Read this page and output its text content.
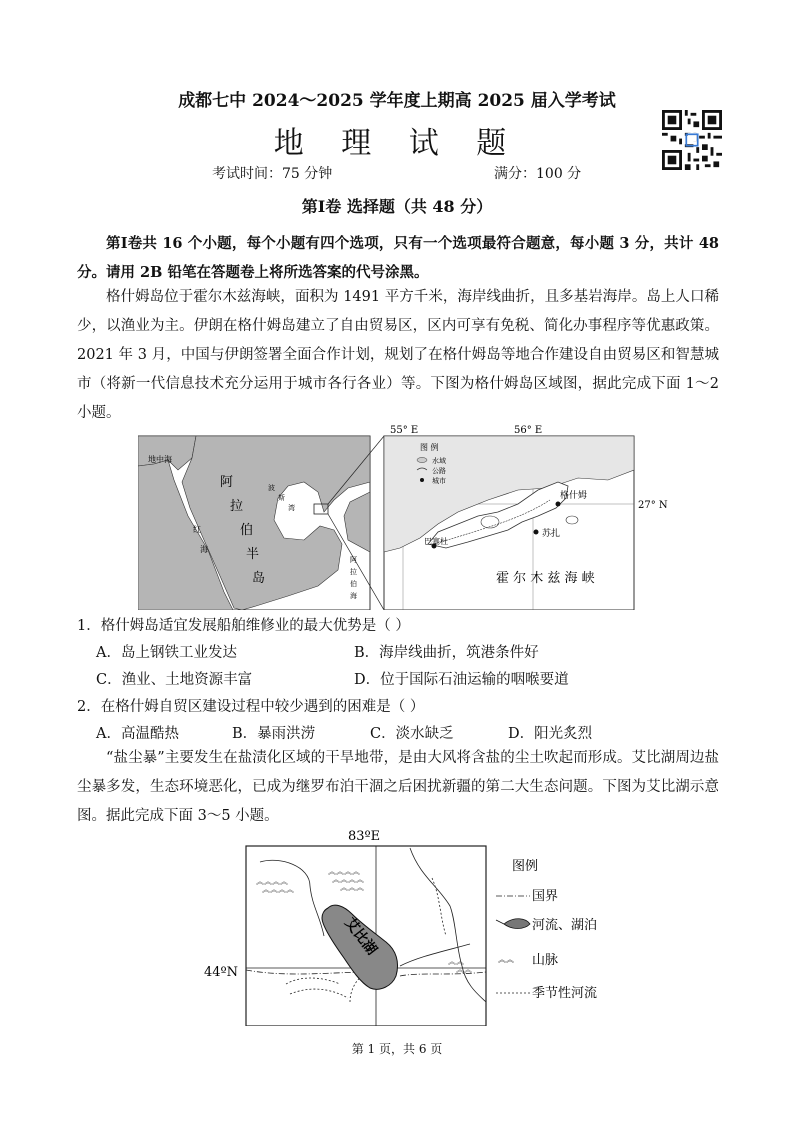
成都七中 2024～2025 学年度上期高 2025 届入学考试
地 理 试 题
考试时间：75 分钟	满分：100 分
第Ⅰ卷 选择题（共 48 分）
第Ⅰ卷共 16 个小题，每个小题有四个选项，只有一个选项最符合题意，每小题 3 分，共计 48 分。请用 2B 铅笔在答题卷上将所选答案的代号涂黑。
格什姆岛位于霍尔木兹海峡，面积为 1491 平方千米，海岸线曲折，且多基岩海岸。岛上人口稀少，以渔业为主。伊朗在格什姆岛建立了自由贸易区，区内可享有免税、简化办事程序等优惠政策。2021 年 3 月，中国与伊朗签署全面合作计划，规划了在格什姆岛等地合作建设自由贸易区和智慧城市（将新一代信息技术充分运用于城市各行各业）等。下图为格什姆岛区域图，据此完成下面 1～2 小题。
地中海
阿
拉
伯
半
岛
红
海
波
斯
湾
阿
拉
伯
海
55° E	56° E
27° N
图 例
水域
公路
城市
格什姆
巴塞杜
苏扎
霍 尔 木 兹 海 峡
1．格什姆岛适宜发展船舶维修业的最大优势是（ ）
A．岛上钢铁工业发达	B．海岸线曲折，筑港条件好
C．渔业、土地资源丰富	D．位于国际石油运输的咽喉要道
2．在格什姆自贸区建设过程中较少遇到的困难是（ ）
A．高温酷热	B．暴雨洪涝	C．淡水缺乏	D．阳光炙烈
“盐尘暴”主要发生在盐渍化区域的干旱地带，是由大风将含盐的尘土吹起而形成。艾比湖周边盐尘暴多发，生态环境恶化，已成为继罗布泊干涸之后困扰新疆的第二大生态问题。下图为艾比湖示意图。据此完成下面 3～5 小题。
83ºE
44ºN
艾比湖
︽︽︽︽
︽︽︽︽
︽︽︽︽
︽︽︽︽
︽︽︽
︽︽
︽︽
图例
国界
河流、湖泊
︽︽ 山脉
季节性河流
第 1 页，共 6 页
